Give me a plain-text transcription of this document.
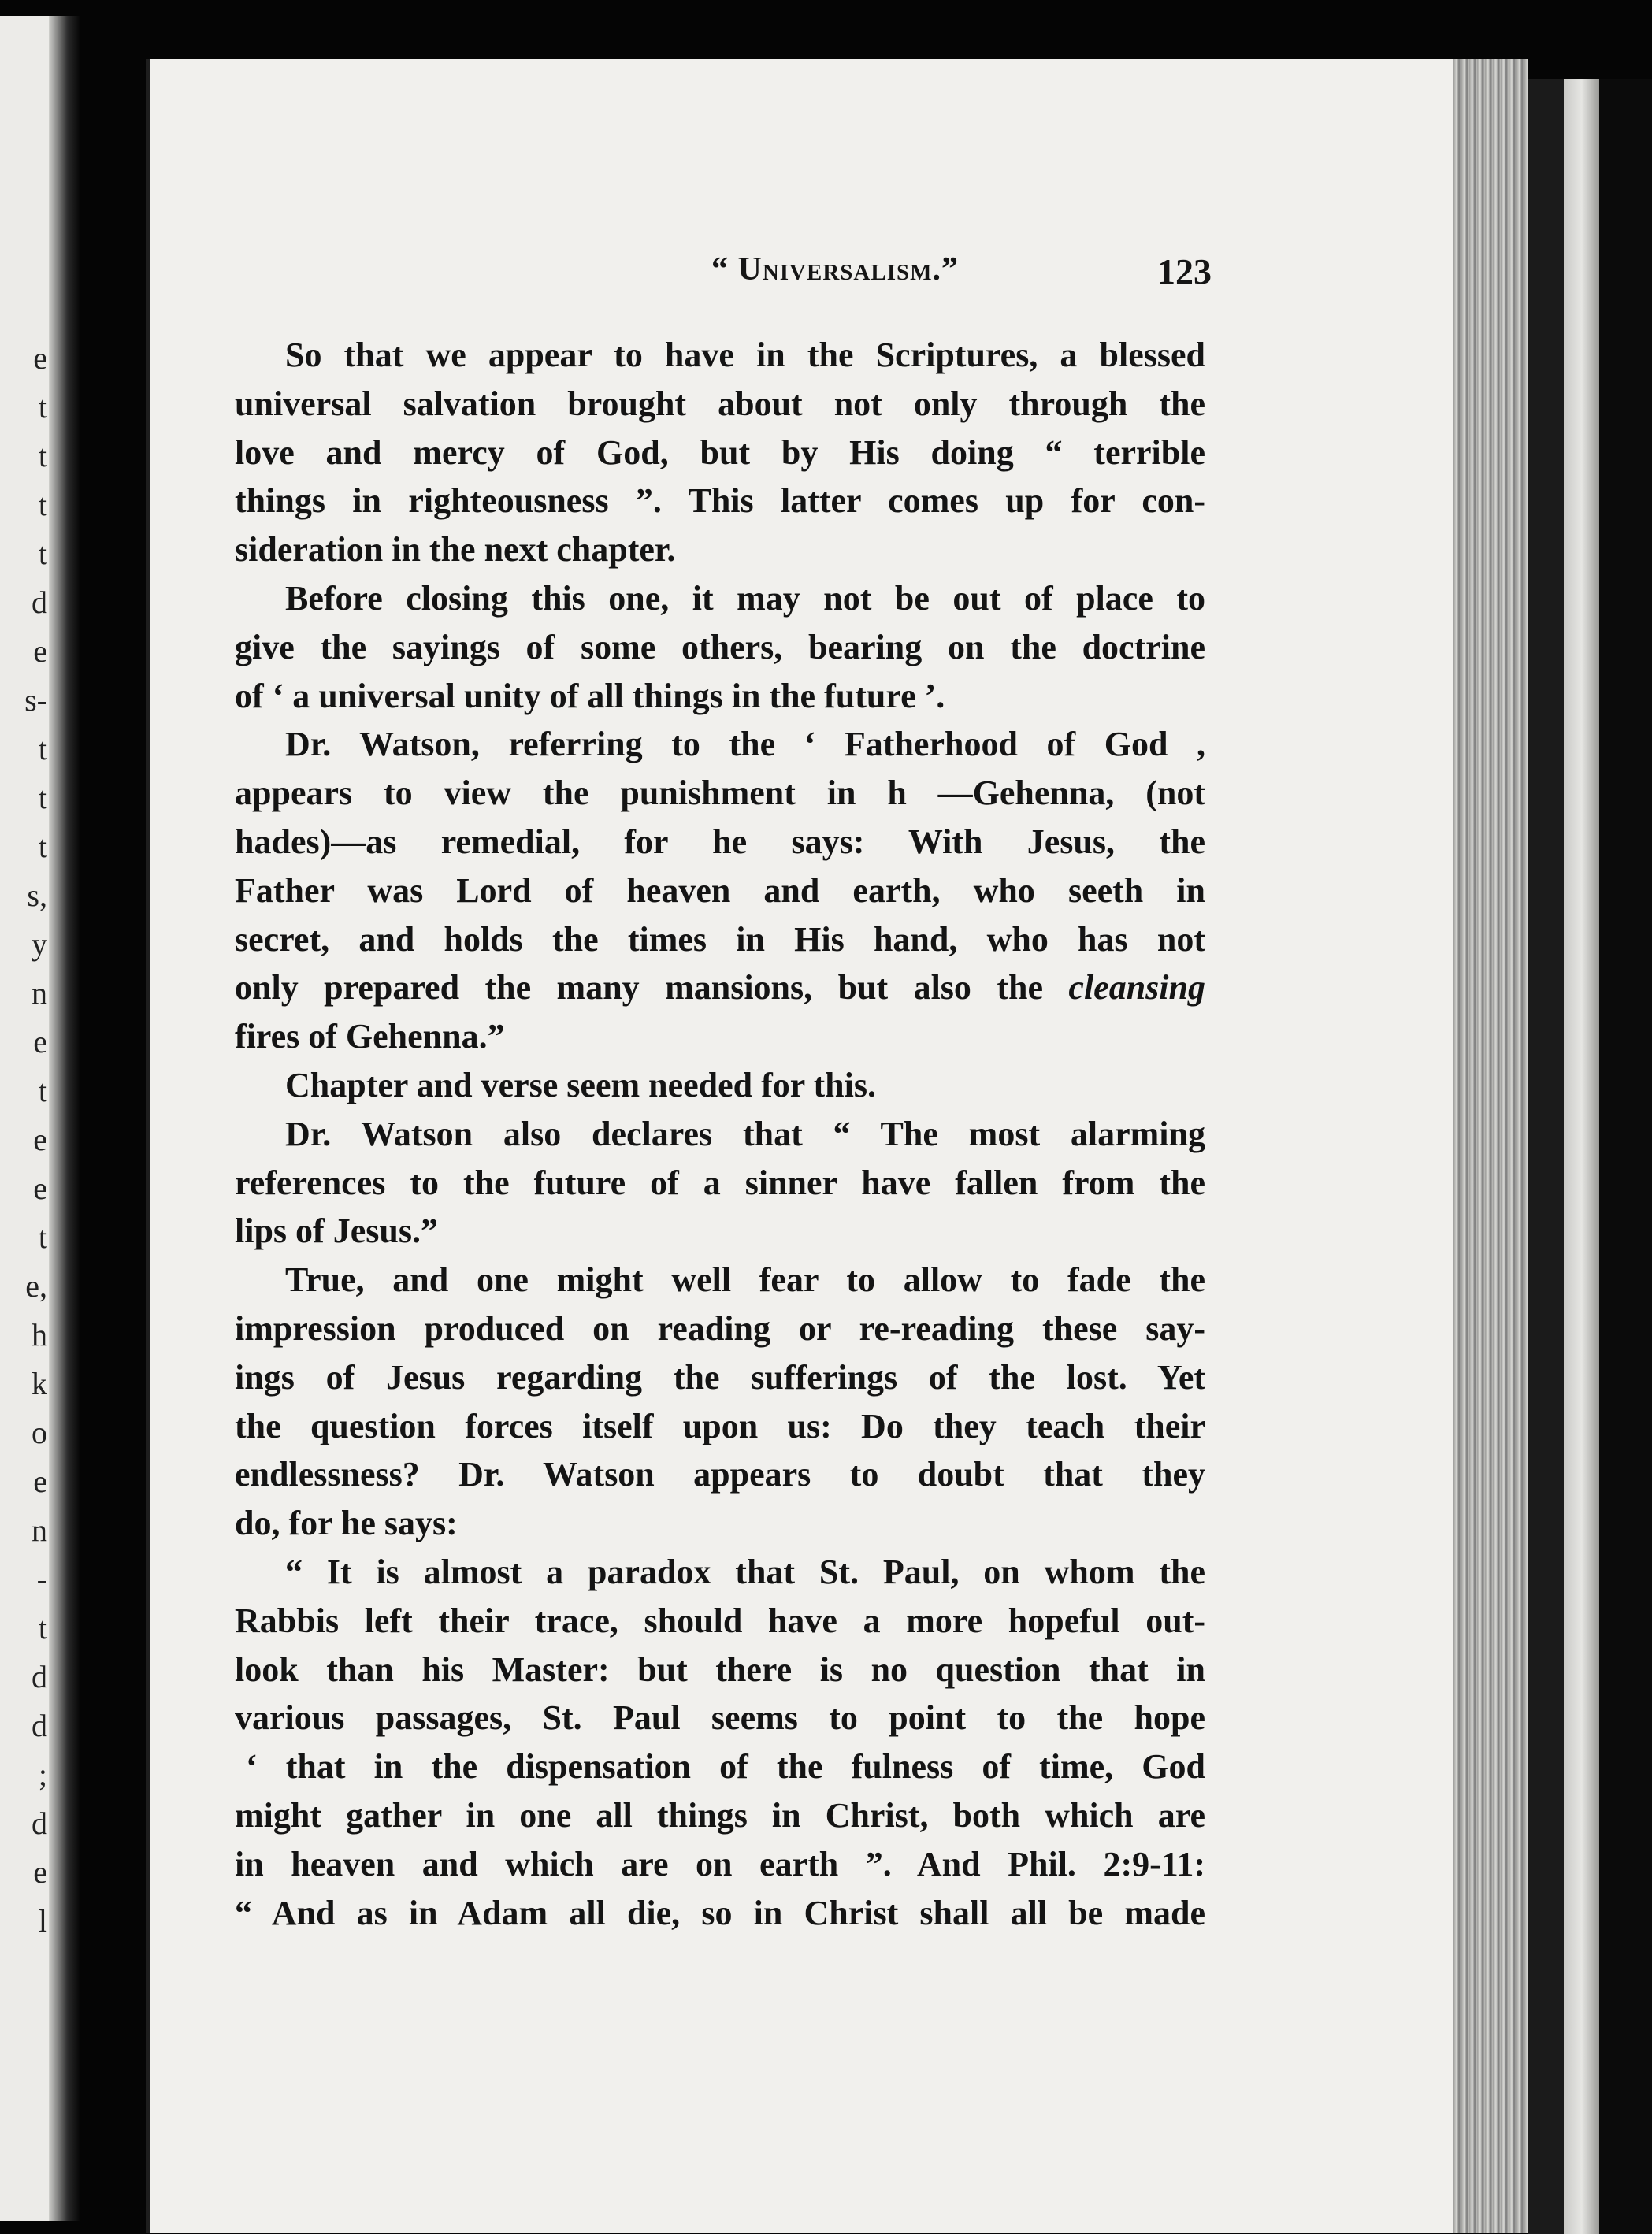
e
t
t
t
t
d
e
s-
t
t
t
s,
y
n
e
t
e
e
t
e,
h
k
o
e
n
-
t
d
d
;
d
e
l
“ Universalism.”	123
So that we appear to have in the Scriptures, a blessed
universal salvation brought about not only through the
love and mercy of God, but by His doing “ terrible
things in righteousness ”. This latter comes up for con-
sideration in the next chapter.
Before closing this one, it may not be out of place to
give the sayings of some others, bearing on the doctrine
of ‘ a universal unity of all things in the future ’.
Dr. Watson, referring to the ‘ Fatherhood of God ,
appears to view the punishment in h —Gehenna, (not
hades)—as remedial, for he says: With Jesus, the
Father was Lord of heaven and earth, who seeth in
secret, and holds the times in His hand, who has not
only prepared the many mansions, but also the cleansing
fires of Gehenna.”
Chapter and verse seem needed for this.
Dr. Watson also declares that “ The most alarming
references to the future of a sinner have fallen from the
lips of Jesus.”
True, and one might well fear to allow to fade the
impression produced on reading or re-reading these say-
ings of Jesus regarding the sufferings of the lost. Yet
the question forces itself upon us: Do they teach their
endlessness? Dr. Watson appears to doubt that they
do, for he says:
“ It is almost a paradox that St. Paul, on whom the
Rabbis left their trace, should have a more hopeful out-
look than his Master: but there is no question that in
various passages, St. Paul seems to point to the hope
‘ that in the dispensation of the fulness of time, God
might gather in one all things in Christ, both which are
in heaven and which are on earth ”. And Phil. 2:9-11:
“ And as in Adam all die, so in Christ shall all be made
